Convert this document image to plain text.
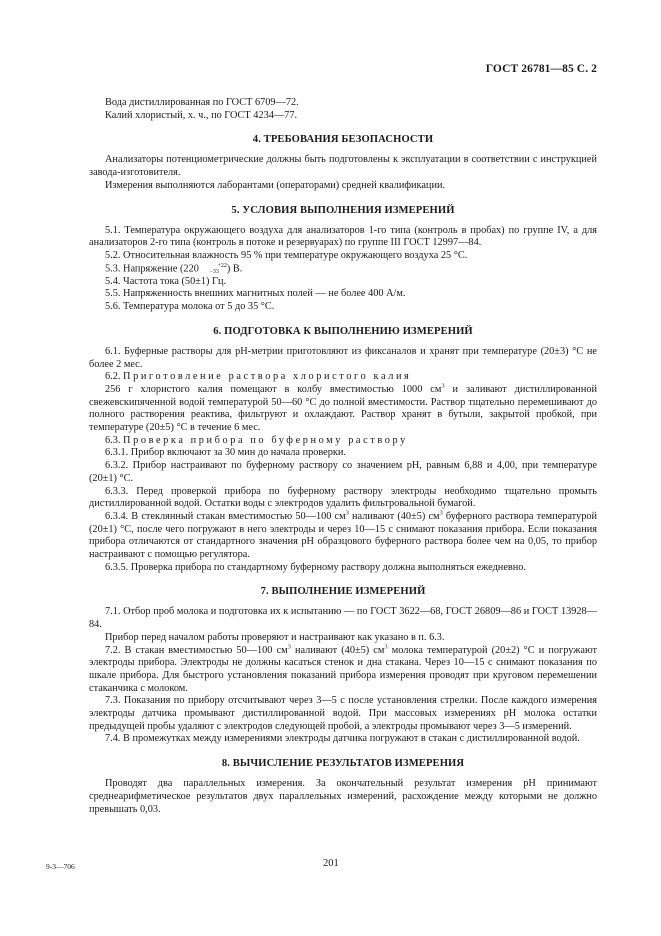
ГОСТ 26781—85 С. 2

Вода дистиллированная по ГОСТ 6709—72.

Калий хлористый, х. ч., по ГОСТ 4234—77.

4. ТРЕБОВАНИЯ БЕЗОПАСНОСТИ

Анализаторы потенциометрические должны быть подготовлены к эксплуатации в соответствии с инструкцией завода-изготовителя.

Измерения выполняются лаборантами (операторами) средней квалификации.

5. УСЛОВИЯ ВЫПОЛНЕНИЯ ИЗМЕРЕНИЙ

5.1. Температура окружающего воздуха для анализаторов 1-го типа (контроль в пробах) по группе IV, а для анализаторов 2-го типа (контроль в потоке и резервуарах) по группе III ГОСТ 12997—84.

5.2. Относительная влажность 95 % при температуре окружающего воздуха 25 °С.

5.3. Напряжение (220	+22
−33 ) В.

5.4. Частота тока (50±1) Гц.

5.5. Напряженность внешних магнитных полей — не более 400 А/м.

5.6. Температура молока от 5 до 35 °С.

6. ПОДГОТОВКА К ВЫПОЛНЕНИЮ ИЗМЕРЕНИЙ

6.1. Буферные растворы для рН-метрии приготовляют из фиксаналов и хранят при температуре (20±3) °С не более 2 мес.

6.2. Приготовление раствора хлористого калия

256 г хлористого калия помещают в колбу вместимостью 1000 $см^3$ и заливают дистиллированной свежевскипяченной водой температурой 50—60 °С до полной вместимости. Раствор тщательно перемешивают до полного растворения реактива, фильтруют и охлаждают. Раствор хранят в бутыли, закрытой пробкой, при температуре (20±5) °С в течение 6 мес.

6.3. Проверка прибора по буферному раствору

6.3.1. Прибор включают за 30 мин до начала проверки.

6.3.2. Прибор настраивают по буферному раствору со значением рН, равным 6,88 и 4,00, при температуре (20±1) °С.

6.3.3. Перед проверкой прибора по буферному раствору электроды необходимо тщательно промыть дистиллированной водой. Остатки воды с электродов удалить фильтровальной бумагой.

6.3.4. В стеклянный стакан вместимостью 50—100 $см^3$ наливают (40±5) $см^3$ буферного раствора температурой (20±1) °С, после чего погружают в него электроды и через 10—15 с снимают показания прибора. Если показания прибора отличаются от стандартного значения рН образцового буферного раствора более чем на 0,05, то прибор настраивают с помощью регулятора.

6.3.5. Проверка прибора по стандартному буферному раствору должна выполняться ежедневно.

7. ВЫПОЛНЕНИЕ ИЗМЕРЕНИЙ

7.1. Отбор проб молока и подготовка их к испытанию — по ГОСТ 3622—68, ГОСТ 26809—86 и ГОСТ 13928—84.

Прибор перед началом работы проверяют и настраивают как указано в п. 6.3.

7.2. В стакан вместимостью 50—100 $см^3$ наливают (40±5) $см^3$ молока температурой (20±2) °С и погружают электроды прибора. Электроды не должны касаться стенок и дна стакана. Через 10—15 с снимают показания по шкале прибора. Для быстрого установления показаний прибора измерения проводят при круговом перемешении стаканчика с молоком.

7.3. Показания по прибору отсчитывают через 3—5 с после установления стрелки. После каждого измерения электроды датчика промывают дистиллированной водой. При массовых измерениях рН молока остатки предыдущей пробы удаляют с электродов следующей пробой, а электроды промывают через 3—5 измерений.

7.4. В промежутках между измерениями электроды датчика погружают в стакан с дистиллированной водой.

8. ВЫЧИСЛЕНИЕ РЕЗУЛЬТАТОВ ИЗМЕРЕНИЯ

Проводят два параллельных измерения. За окончательный результат измерения рН принимают среднеарифметическое результатов двух параллельных измерений, расхождение между которыми не должно превышать 0,03.

9-3—706	201
